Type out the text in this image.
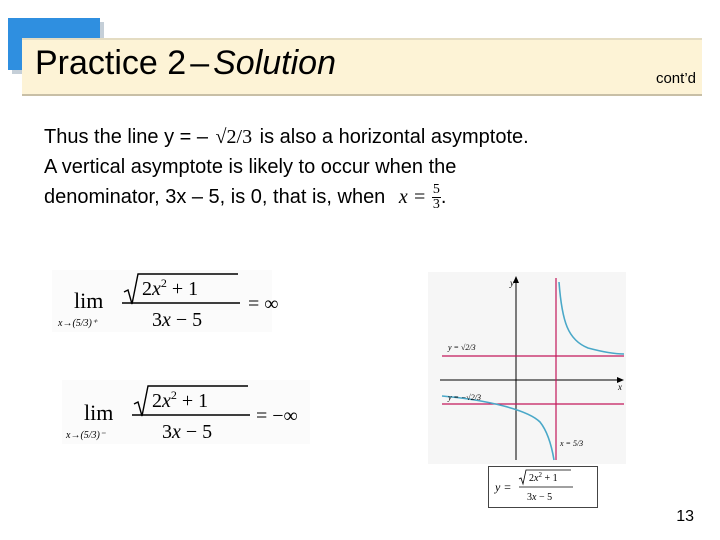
Practice 2 – Solution	cont’d
Thus the line y = – √2/3 is also a horizontal asymptote.
A vertical asymptote is likely to occur when the
denominator, 3x – 5, is 0, that is, when $x = \frac{5}{3}$ .
lim
x→(5/3)⁺
$2x^2 + 1$
3x − 5
= ∞
lim
x→(5/3)⁻
$2x^2 + 1$
3x − 5
= −∞
y
x
y = √2/3
y = −√2/3
x = 5/3
y =
$2x^2 + 1$
3x − 5
13
